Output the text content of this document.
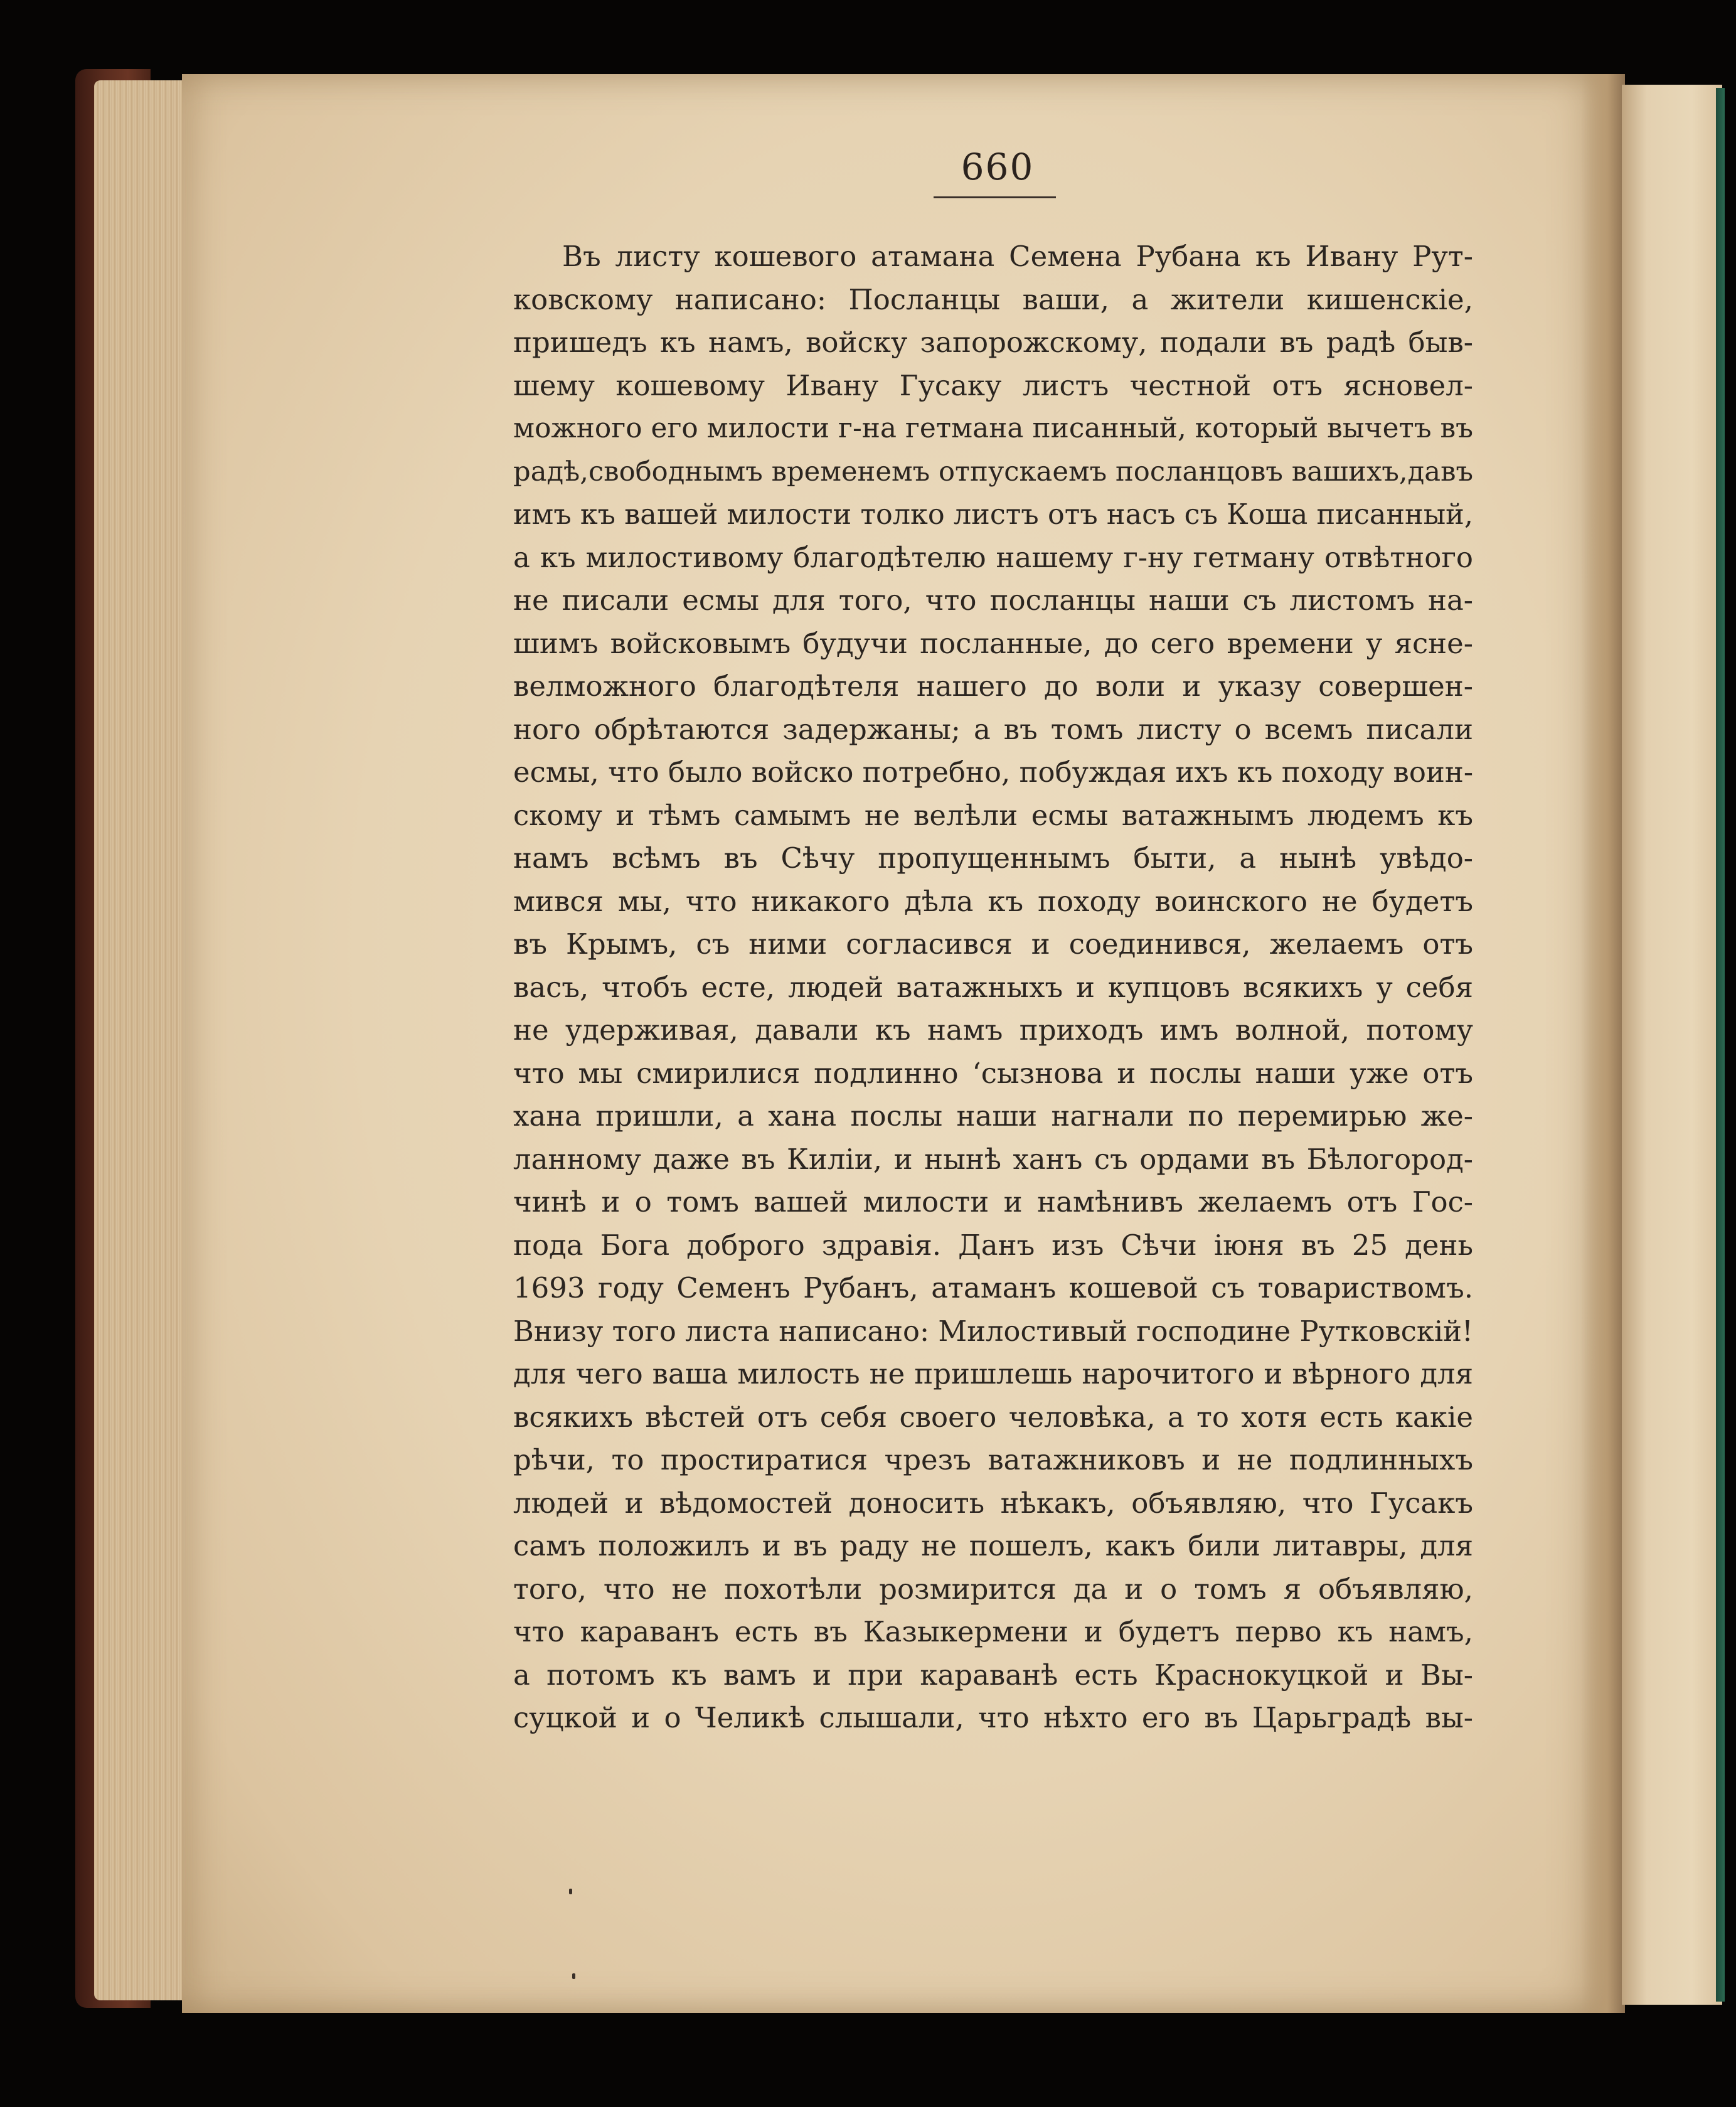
660
Въ листу кошевого атамана Семена Рубана къ Ивану Рут-
ковскому написано: Посланцы ваши, а жители кишенскіе,
пришедъ къ намъ, войску запорожскому, подали въ радѣ быв-
шему кошевому Ивану Гусаку листъ честной отъ ясновел-
можного его милости г-на гетмана писанный, который вычетъ въ
радѣ,свободнымъ временемъ отпускаемъ посланцовъ вашихъ,давъ
имъ къ вашей милости толко листъ отъ насъ съ Коша писанный,
а къ милостивому благодѣтелю нашему г-ну гетману отвѣтного
не писали есмы для того, что посланцы наши съ листомъ на-
шимъ войсковымъ будучи посланные, до сего времени у ясне-
велможного благодѣтеля нашего до воли и указу совершен-
ного обрѣтаются задержаны; а въ томъ листу о всемъ писали
есмы, что было войско потребно, побуждая ихъ къ походу воин-
скому и тѣмъ самымъ не велѣли есмы ватажнымъ людемъ къ
намъ всѣмъ въ Сѣчу пропущеннымъ быти, а нынѣ увѣдо-
мився мы, что никакого дѣла къ походу воинского не будетъ
въ Крымъ, съ ними согласився и соединився, желаемъ отъ
васъ, чтобъ есте, людей ватажныхъ и купцовъ всякихъ у себя
не удерживая, давали къ намъ приходъ имъ волной, потому
что мы смирилися подлинно ʻсызнова и послы наши уже отъ
хана пришли, а хана послы наши нагнали по перемирью же-
ланному даже въ Киліи, и нынѣ ханъ съ ордами въ Бѣлогород-
чинѣ и о томъ вашей милости и намѣнивъ желаемъ отъ Гос-
пода Бога доброго здравія. Данъ изъ Сѣчи іюня въ 25 день
1693 году Семенъ Рубанъ, атаманъ кошевой съ товариствомъ.
Внизу того листа написано: Милостивый господине Рутковскій!
для чего ваша милость не пришлешь нарочитого и вѣрного для
всякихъ вѣстей отъ себя своего человѣка, а то хотя есть какіе
рѣчи, то простиратися чрезъ ватажниковъ и не подлинныхъ
людей и вѣдомостей доносить нѣкакъ, объявляю, что Гусакъ
самъ положилъ и въ раду не пошелъ, какъ били литавры, для
того, что не похотѣли розмирится да и о томъ я объявляю,
что караванъ есть въ Казыкермени и будетъ перво къ намъ,
а потомъ къ вамъ и при караванѣ есть Краснокуцкой и Вы-
суцкой и о Челикѣ слышали, что нѣхто его въ Царьградѣ вы-
